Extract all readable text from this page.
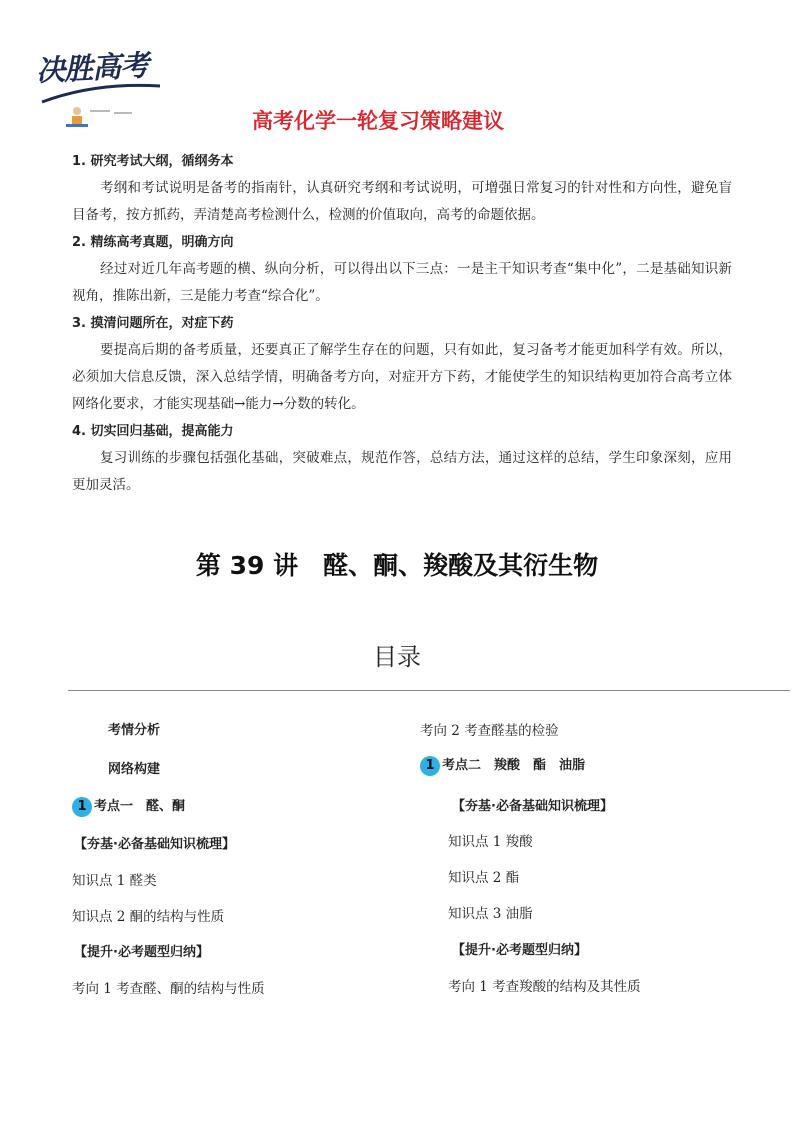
决胜高考
高考化学一轮复习策略建议
1. 研究考试大纲，循纲务本
考纲和考试说明是备考的指南针，认真研究考纲和考试说明，可增强日常复习的针对性和方向性，避免盲目备考，按方抓药，弄清楚高考检测什么，检测的价值取向，高考的命题依据。
2. 精练高考真题，明确方向
经过对近几年高考题的横、纵向分析，可以得出以下三点：一是主干知识考查“集中化”，二是基础知识新视角，推陈出新，三是能力考查“综合化”。
3. 摸清问题所在，对症下药
要提高后期的备考质量，还要真正了解学生存在的问题，只有如此，复习备考才能更加科学有效。所以，必须加大信息反馈，深入总结学情，明确备考方向，对症开方下药，才能使学生的知识结构更加符合高考立体网络化要求，才能实现基础→能力→分数的转化。
4. 切实回归基础，提高能力
复习训练的步骤包括强化基础，突破难点，规范作答，总结方法，通过这样的总结，学生印象深刻，应用更加灵活。
第 39 讲　醛、酮、羧酸及其衍生物
目录
考情分析
网络构建
1 考点一　醛、酮
【夯基·必备基础知识梳理】
知识点 1 醛类
知识点 2 酮的结构与性质
【提升·必考题型归纳】
考向 1 考查醛、酮的结构与性质
考向 2 考查醛基的检验
1 考点二　羧酸　酯　油脂
【夯基·必备基础知识梳理】
知识点 1 羧酸
知识点 2 酯
知识点 3 油脂
【提升·必考题型归纳】
考向 1 考查羧酸的结构及其性质
